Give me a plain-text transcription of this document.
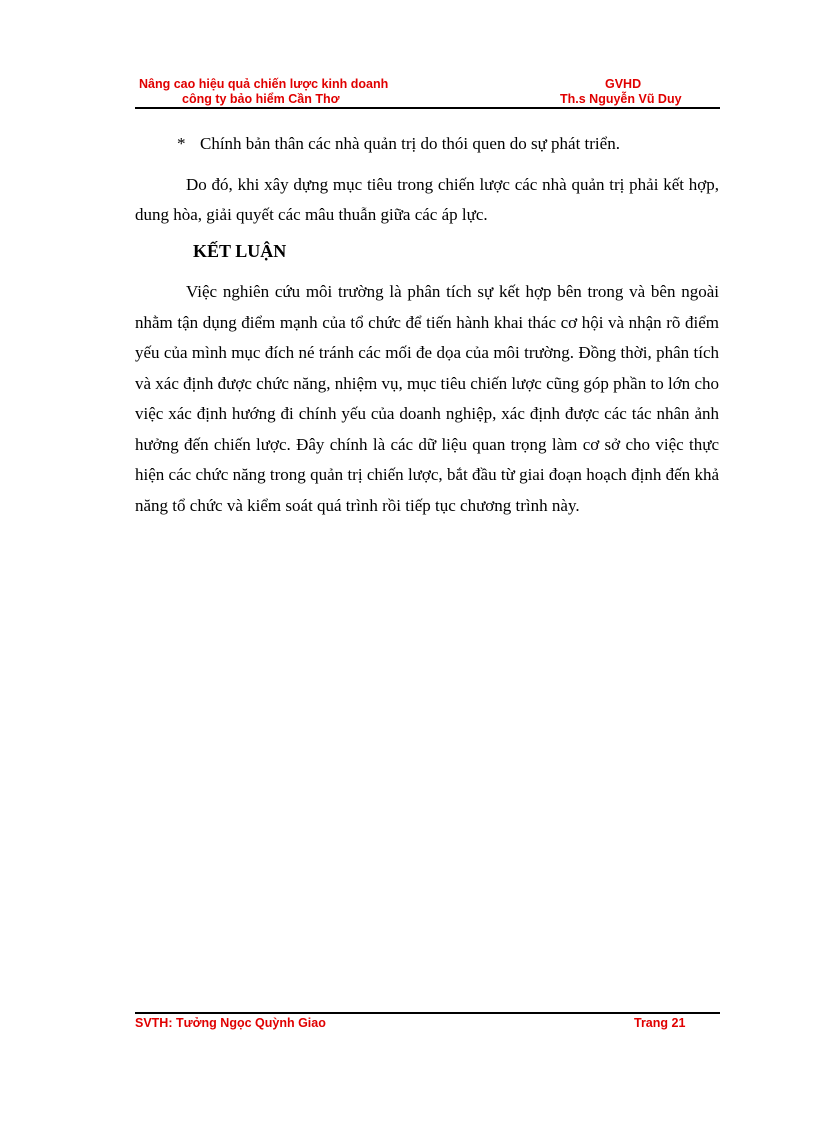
Nâng cao hiệu quả chiến lược kinh doanh
công ty bảo hiểm Cần Thơ
GVHD
Th.s Nguyễn Vũ Duy
* Chính bản thân các nhà quản trị do thói quen do sự phát triển.
Do đó, khi xây dựng mục tiêu trong chiến lược các nhà quản trị phải kết hợp, dung hòa, giải quyết các mâu thuẫn giữa các áp lực.
KẾT LUẬN
Việc nghiên cứu môi trường là phân tích sự kết hợp bên trong và bên ngoài nhằm tận dụng điểm mạnh của tổ chức để tiến hành khai thác cơ hội và nhận rõ điểm yếu của mình mục đích né tránh các mối đe dọa của môi trường. Đồng thời, phân tích và xác định được chức năng, nhiệm vụ, mục tiêu chiến lược cũng góp phần to lớn cho việc xác định hướng đi chính yếu của doanh nghiệp, xác định được các tác nhân ảnh hưởng đến chiến lược. Đây chính là các dữ liệu quan trọng làm cơ sở cho việc thực hiện các chức năng trong quản trị chiến lược, bắt đầu từ giai đoạn hoạch định đến khả năng tổ chức và kiểm soát quá trình rồi tiếp tục chương trình này.
SVTH: Tưởng Ngọc Quỳnh Giao	Trang 21
